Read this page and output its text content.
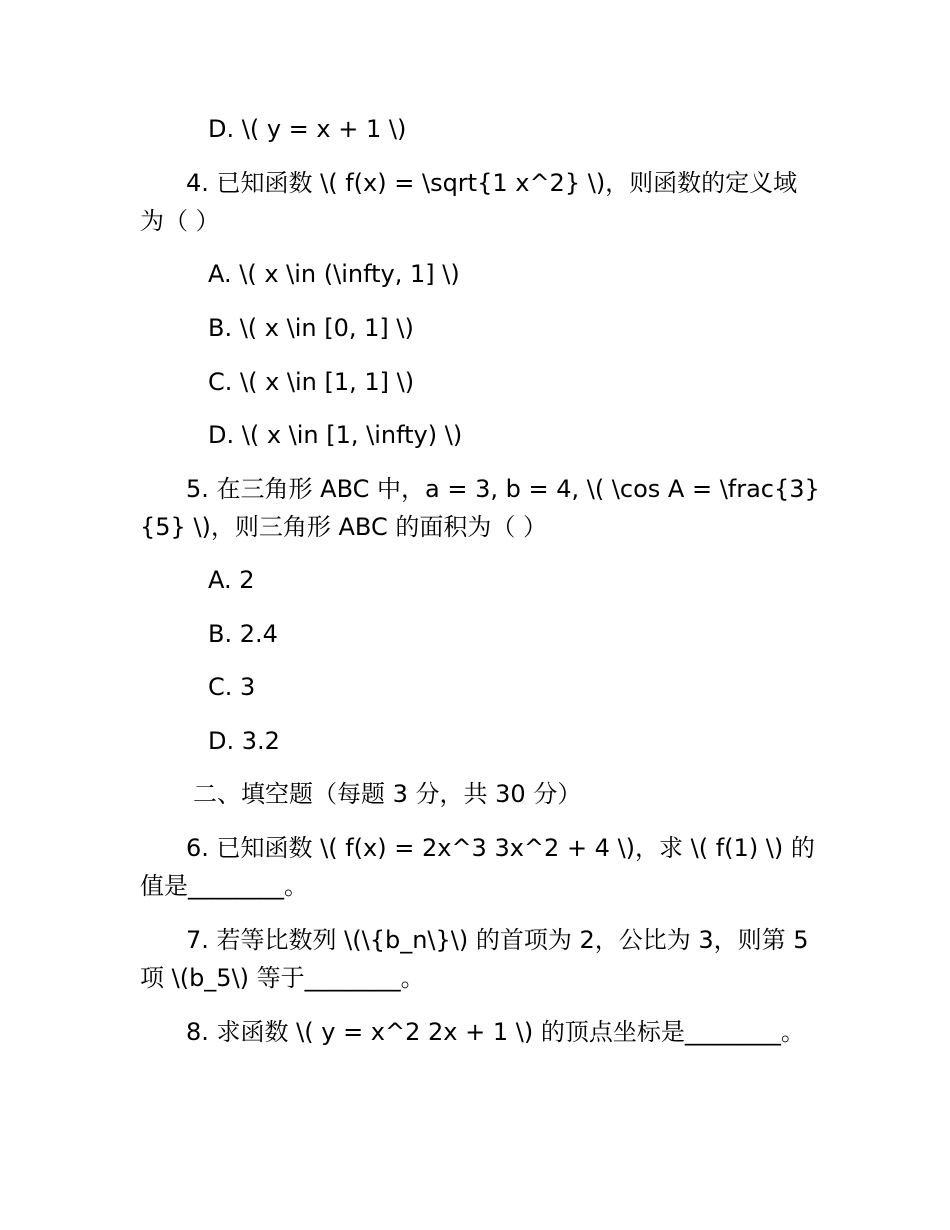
D. \( y = x + 1 \)
4. 已知函数 \( f(x) = \sqrt{1 x^2} \)，则函数的定义域
为（ ）
A. \( x \in (\infty, 1] \)
B. \( x \in [0, 1] \)
C. \( x \in [1, 1] \)
D. \( x \in [1, \infty) \)
5. 在三角形 ABC 中，a = 3, b = 4, \( \cos A = \frac{3}
{5} \)，则三角形 ABC 的面积为（ ）
A. 2
B. 2.4
C. 3
D. 3.2
二、填空题（每题 3 分，共 30 分）
6. 已知函数 \( f(x) = 2x^3 3x^2 + 4 \)，求 \( f(1) \) 的
值是________。
7. 若等比数列 \(\{b_n\}\) 的首项为 2，公比为 3，则第 5
项 \(b_5\) 等于________。
8. 求函数 \( y = x^2 2x + 1 \) 的顶点坐标是________。
